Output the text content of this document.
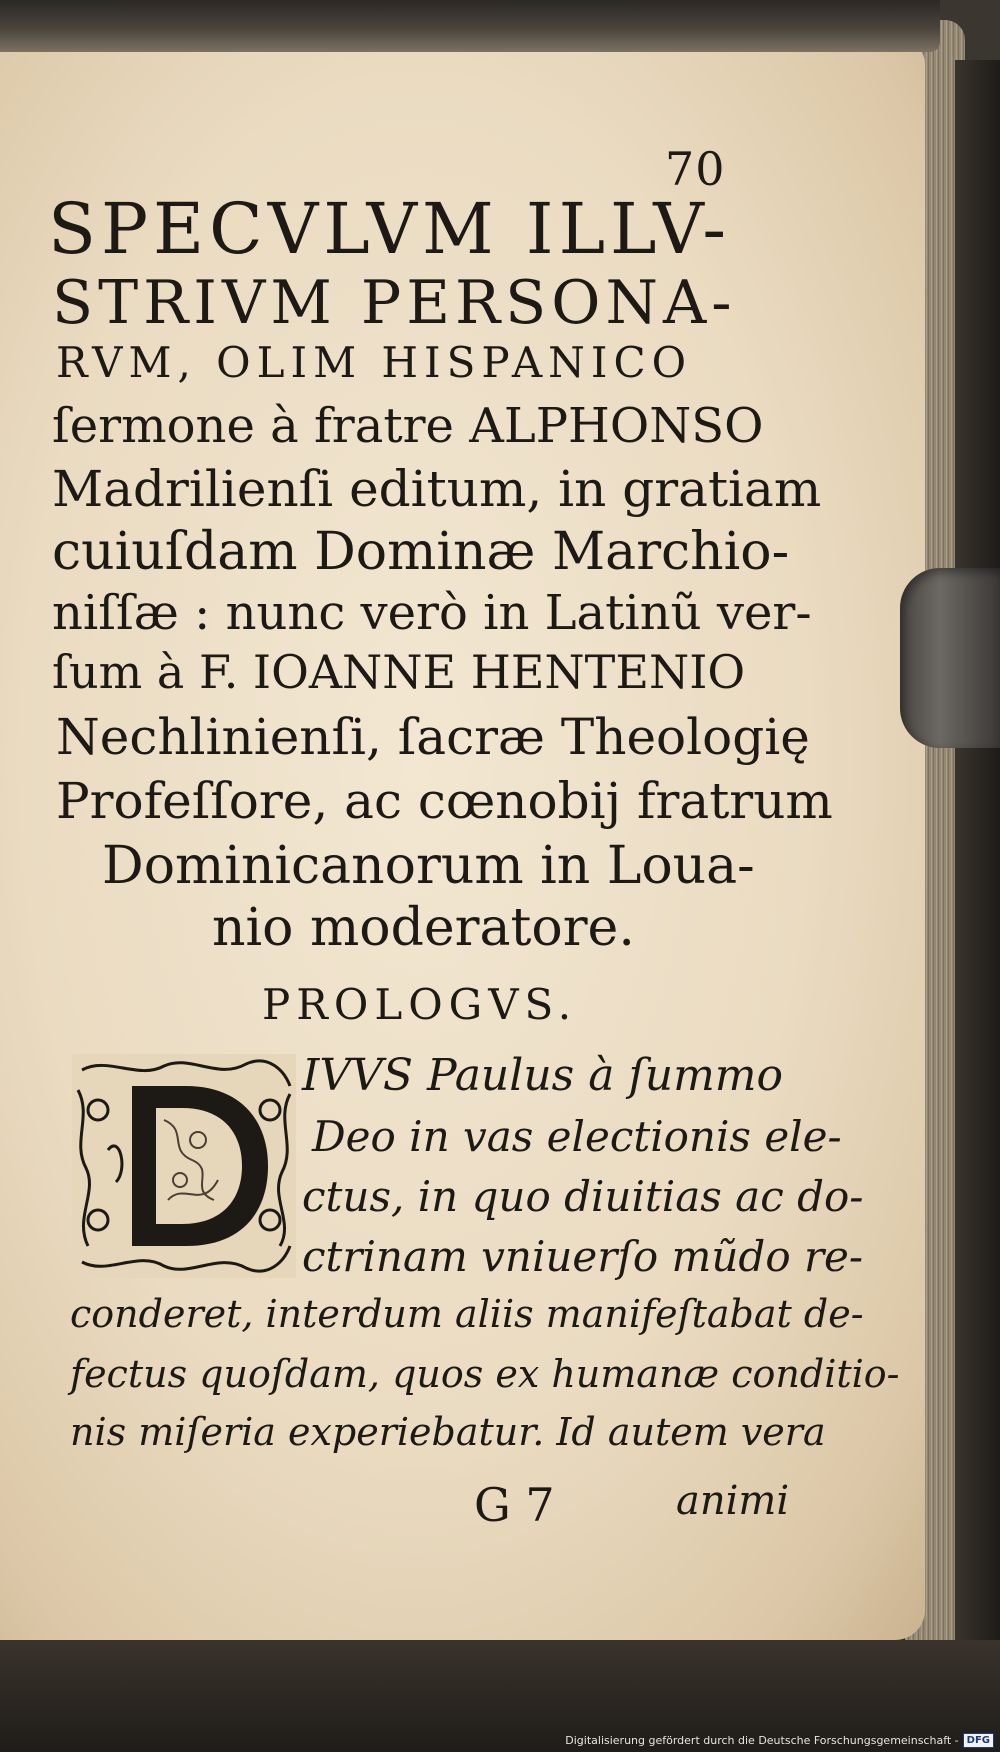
70
SPECVLVM ILLV-
STRIVM PERSONA-
RVM, OLIM HISPANICO
ſermone à fratre ALPHONSO
Madrilienſi editum, in gratiam
cuiuſdam Dominæ Marchio-
niſſæ : nunc verò in Latinũ ver-
ſum à F. IOANNE HENTENIO
Nechlinienſi, ſacræ Theologię
Profeſſore, ac cœnobij fratrum
Dominicanorum in Loua-
nio moderatore.
PROLOGVS.
IVVS Paulus à ſummo
Deo in vas electionis ele-
ctus, in quo diuitias ac do-
ctrinam vniuerſo mũdo re-
conderet, interdum aliis manifeſtabat de-
fectus quoſdam, quos ex humanæ conditio-
nis miſeria experiebatur. Id autem vera
G 7	animi
Digitalisierung gefördert durch die Deutsche Forschungsgemeinschaft - DFG
